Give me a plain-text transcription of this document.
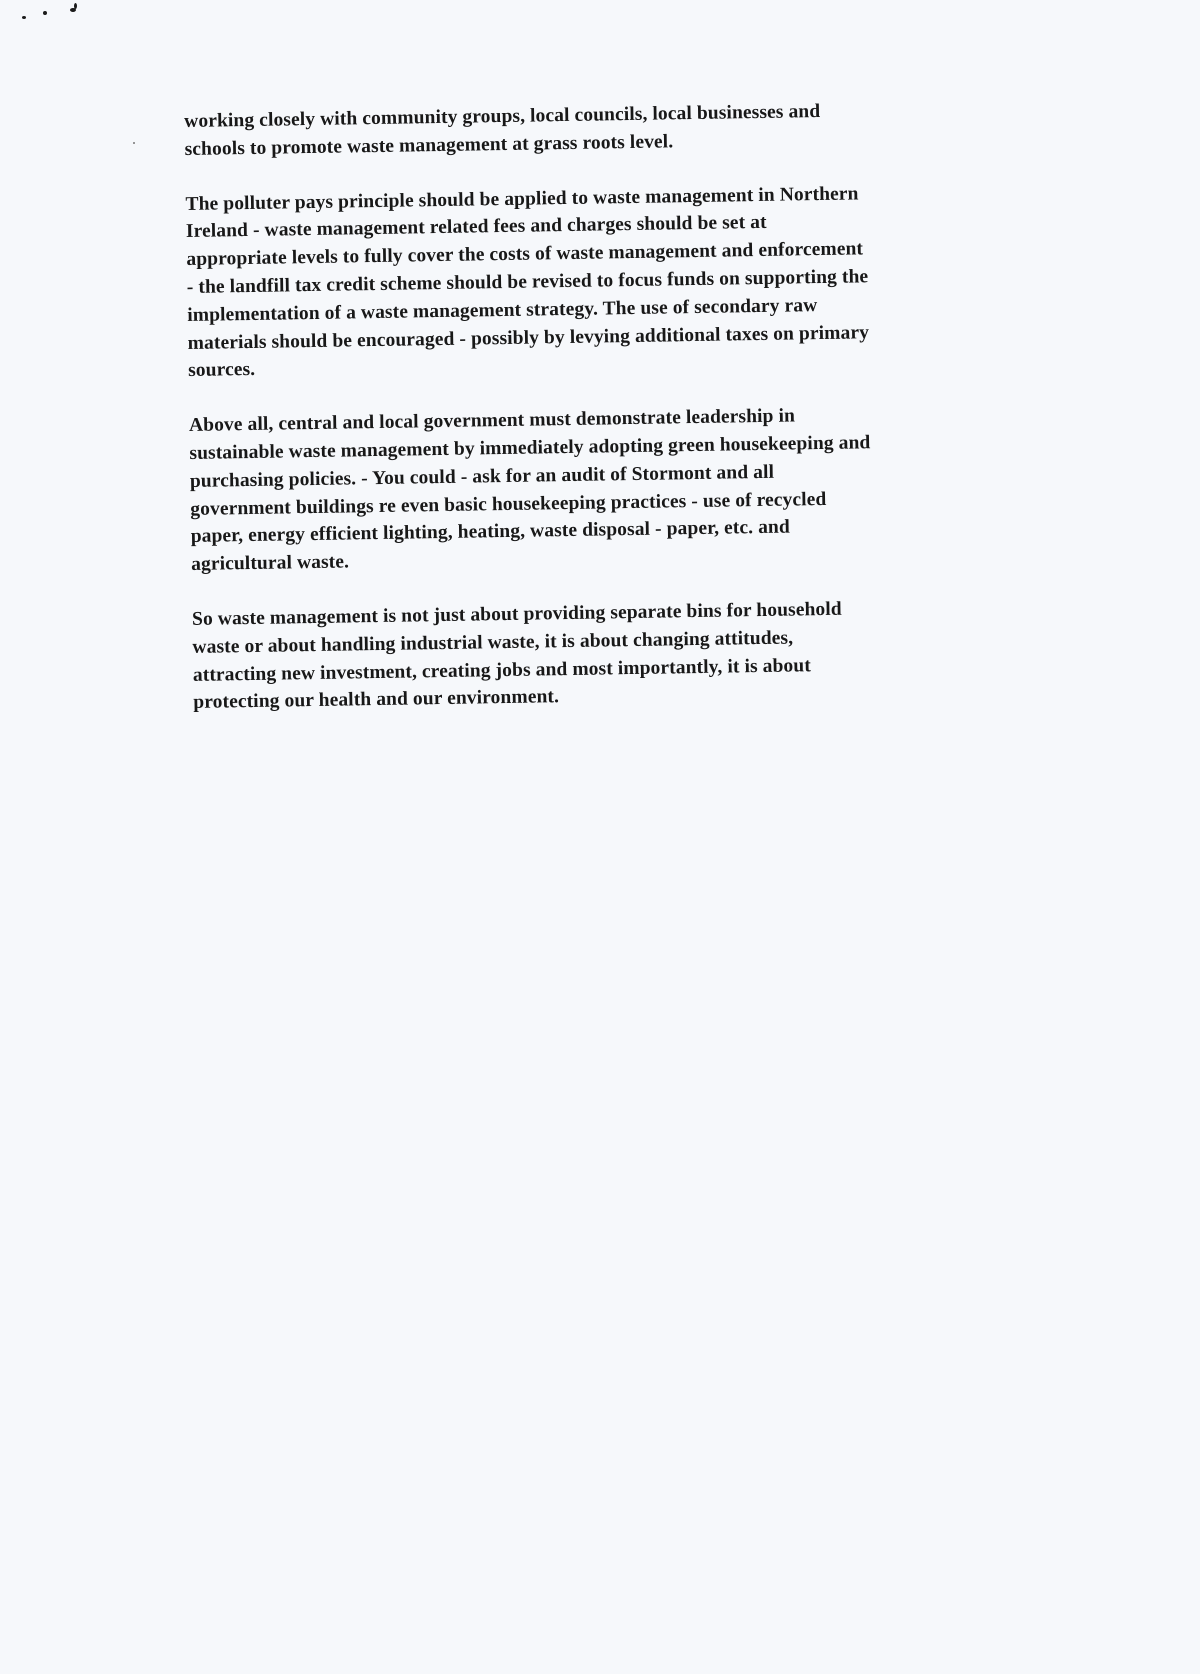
working closely with community groups, local councils, local businesses and
schools to promote waste management at grass roots level.

The polluter pays principle should be applied to waste management in Northern
Ireland - waste management related fees and charges should be set at
appropriate levels to fully cover the costs of waste management and enforcement
- the landfill tax credit scheme should be revised to focus funds on supporting the
implementation of a waste management strategy. The use of secondary raw
materials should be encouraged - possibly by levying additional taxes on primary
sources.

Above all, central and local government must demonstrate leadership in
sustainable waste management by immediately adopting green housekeeping and
purchasing policies. - You could - ask for an audit of Stormont and all
government buildings re even basic housekeeping practices - use of recycled
paper, energy efficient lighting, heating, waste disposal - paper, etc. and
agricultural waste.

So waste management is not just about providing separate bins for household
waste or about handling industrial waste, it is about changing attitudes,
attracting new investment, creating jobs and most importantly, it is about
protecting our health and our environment.
